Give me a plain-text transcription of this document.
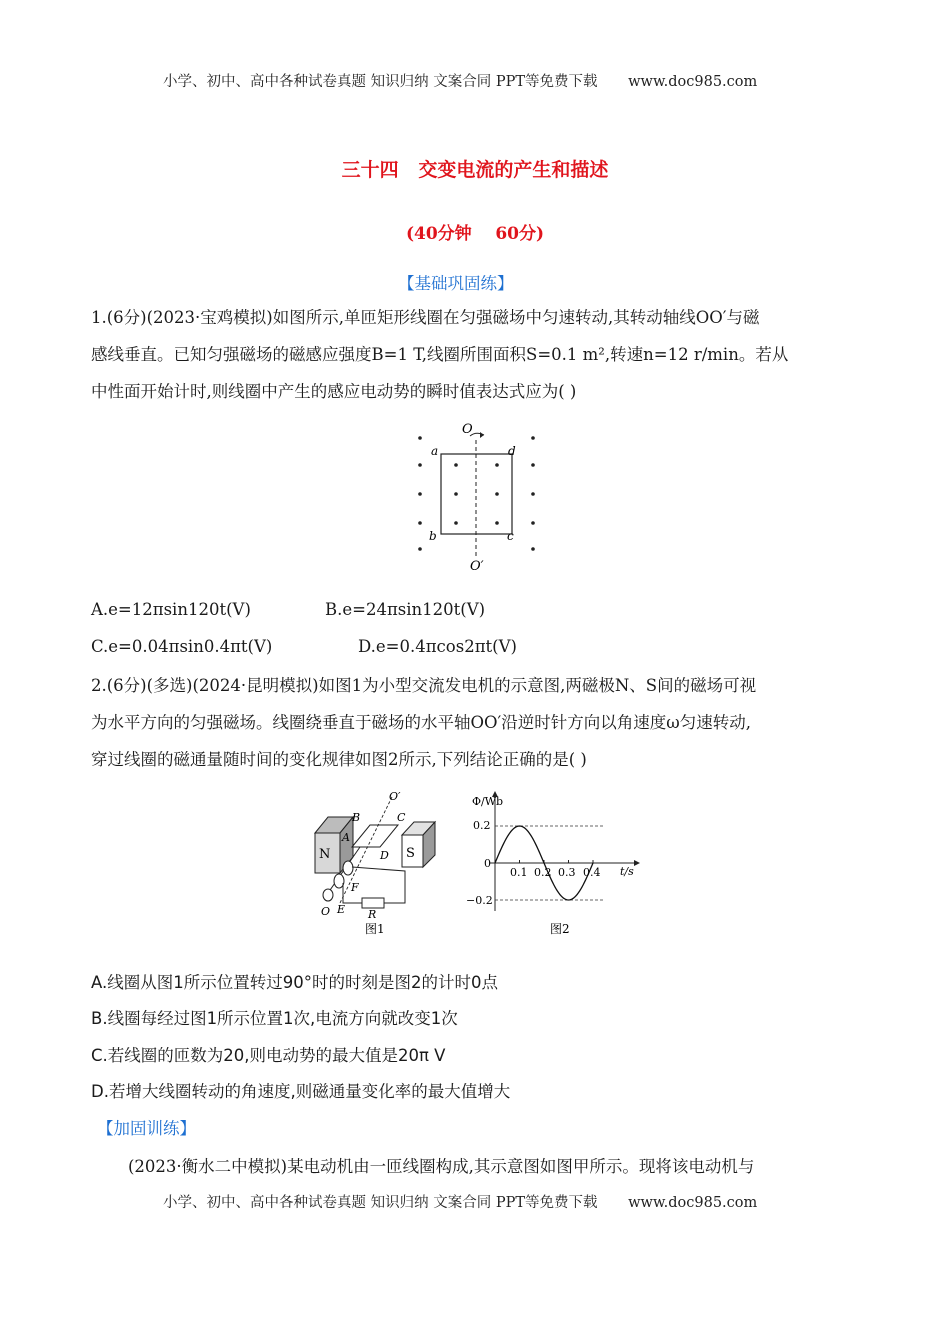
小学、初中、高中各种试卷真题 知识归纳 文案合同 PPT等免费下载 www.doc985.com
三十四   交变电流的产生和描述
(40分钟    60分)
【基础巩固练】
1.(6分)(2023·宝鸡模拟)如图所示,单匝矩形线圈在匀强磁场中匀速转动,其转动轴线OO′与磁
感线垂直。已知匀强磁场的磁感应强度B=1 T,线圈所围面积S=0.1 m²,转速n=12 r/min。若从
中性面开始计时,则线圈中产生的感应电动势的瞬时值表达式应为( )
O
O′
a	d
b	c
A.e=12πsin120t(V)	B.e=24πsin120t(V)
C.e=0.04πsin0.4πt(V)	D.e=0.4πcos2πt(V)
2.(6分)(多选)(2024·昆明模拟)如图1为小型交流发电机的示意图,两磁极N、S间的磁场可视
为水平方向的匀强磁场。线圈绕垂直于磁场的水平轴OO′沿逆时针方向以角速度ω匀速转动,
穿过线圈的磁通量随时间的变化规律如图2所示,下列结论正确的是( )
N	S
A
B	C
D
F
E R
O
O′
图1
Φ/Wb
t/s
0.2
0
−0.2
0.1 0.2 0.3 0.4
图2
A.线圈从图1所示位置转过90°时的时刻是图2的计时0点
B.线圈每经过图1所示位置1次,电流方向就改变1次
C.若线圈的匝数为20,则电动势的最大值是20π V
D.若增大线圈转动的角速度,则磁通量变化率的最大值增大
【加固训练】
(2023·衡水二中模拟)某电动机由一匝线圈构成,其示意图如图甲所示。现将该电动机与
小学、初中、高中各种试卷真题 知识归纳 文案合同 PPT等免费下载 www.doc985.com
